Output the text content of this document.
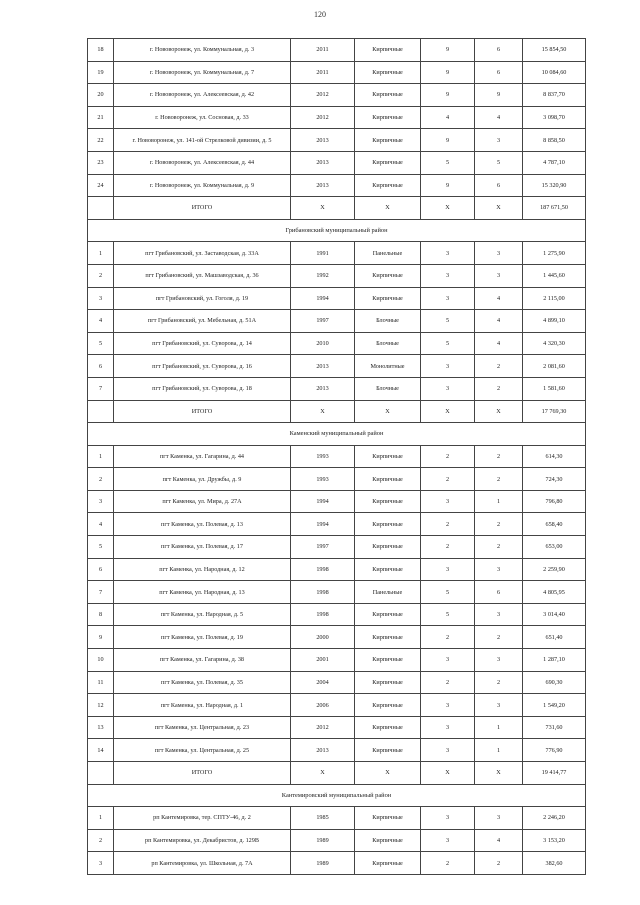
120
18	г. Нововоронеж, ул. Коммунальная, д. 3	2011	Кирпичные	9	6	15 854,50
19	г. Нововоронеж, ул. Коммунальная, д. 7	2011	Кирпичные	9	6	10 084,60
20	г. Нововоронеж, ул. Алексеевская, д. 42	2012	Кирпичные	9	9	8 837,70
21	г. Нововоронеж, ул. Сосновая, д. 33	2012	Кирпичные	4	4	3 098,70
22	г. Нововоронеж, ул. 141-ой Стрелковой дивизии, д. 5	2013	Кирпичные	9	3	8 858,50
23	г. Нововоронеж, ул. Алексеевская, д. 44	2013	Кирпичные	5	5	4 787,10
24	г. Нововоронеж, ул. Коммунальная, д. 9	2013	Кирпичные	9	6	15 320,90
	ИТОГО	Х	Х	Х	Х	187 671,50
Грибановский муниципальный район						
1	пгт Грибановский, ул. Заставодская, д. 33А	1991	Панельные	3	3	1 275,90
2	пгт Грибановский, ул. Машзаводская, д. 36	1992	Кирпичные	3	3	1 445,60
3	пгт Грибановский, ул. Гоголя, д. 19	1994	Кирпичные	3	4	2 115,00
4	пгт Грибановский, ул. Мебельная, д. 51А	1997	Блочные	5	4	4 899,10
5	пгт Грибановский, ул. Суворова, д. 14	2010	Блочные	5	4	4 320,30
6	пгт Грибановский, ул. Суворова, д. 16	2013	Монолитные	3	2	2 081,60
7	пгт Грибановский, ул. Суворова, д. 18	2013	Блочные	3	2	1 581,60
	ИТОГО	Х	Х	Х	Х	17 769,30
Каменский муниципальный район						
1	пгт Каменка, ул. Гагарина, д. 44	1993	Кирпичные	2	2	614,30
2	пгт Каменка, ул. Дружбы, д. 9	1993	Кирпичные	2	2	724,30
3	пгт Каменка, ул. Мира, д. 27А	1994	Кирпичные	3	1	796,80
4	пгт Каменка, ул. Полевая, д. 13	1994	Кирпичные	2	2	658,40
5	пгт Каменка, ул. Полевая, д. 17	1997	Кирпичные	2	2	653,00
6	пгт Каменка, ул. Народная, д. 12	1998	Кирпичные	3	3	2 259,90
7	пгт Каменка, ул. Народная, д. 13	1998	Панельные	5	6	4 805,95
8	пгт Каменка, ул. Народная, д. 5	1998	Кирпичные	5	3	3 014,40
9	пгт Каменка, ул. Полевая, д. 19	2000	Кирпичные	2	2	651,40
10	пгт Каменка, ул. Гагарина, д. 38	2001	Кирпичные	3	3	1 287,10
11	пгт Каменка, ул. Полевая, д. 35	2004	Кирпичные	2	2	690,30
12	пгт Каменка, ул. Народная, д. 1	2006	Кирпичные	3	3	1 549,20
13	пгт Каменка, ул. Центральная, д. 23	2012	Кирпичные	3	1	731,60
14	пгт Каменка, ул. Центральная, д. 25	2013	Кирпичные	3	1	776,90
	ИТОГО	Х	Х	Х	Х	19 414,77
Кантемировский муниципальный район						
1	рп Кантемировка, тер. СПТУ-46, д. 2	1985	Кирпичные	3	3	2 246,20
2	рп Кантемировка, ул. Декабристов, д. 129В	1989	Кирпичные	3	4	3 153,20
3	рп Кантемировка, ул. Школьная, д. 7А	1989	Кирпичные	2	2	382,60
